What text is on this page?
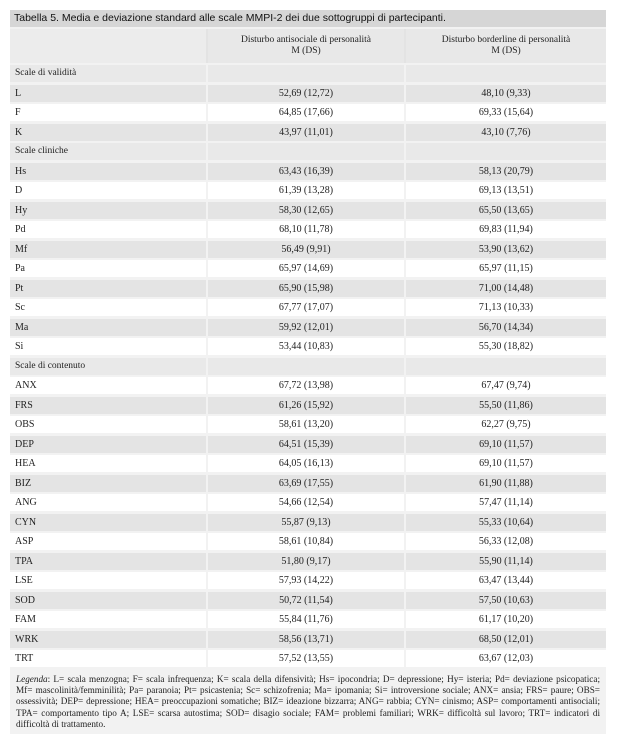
Tabella 5. Media e deviazione standard alle scale MMPI-2 dei due sottogruppi di partecipanti.
Disturbo antisociale di personalità
M (DS)
Disturbo borderline di personalità
M (DS)
Scale di validità
L	52,69 (12,72)	48,10 (9,33)
F	64,85 (17,66)	69,33 (15,64)
K	43,97 (11,01)	43,10 (7,76)
Scale cliniche
Hs	63,43 (16,39)	58,13 (20,79)
D	61,39 (13,28)	69,13 (13,51)
Hy	58,30 (12,65)	65,50 (13,65)
Pd	68,10 (11,78)	69,83 (11,94)
Mf	56,49 (9,91)	53,90 (13,62)
Pa	65,97 (14,69)	65,97 (11,15)
Pt	65,90 (15,98)	71,00 (14,48)
Sc	67,77 (17,07)	71,13 (10,33)
Ma	59,92 (12,01)	56,70 (14,34)
Si	53,44 (10,83)	55,30 (18,82)
Scale di contenuto
ANX	67,72 (13,98)	67,47 (9,74)
FRS	61,26 (15,92)	55,50 (11,86)
OBS	58,61 (13,20)	62,27 (9,75)
DEP	64,51 (15,39)	69,10 (11,57)
HEA	64,05 (16,13)	69,10 (11,57)
BIZ	63,69 (17,55)	61,90 (11,88)
ANG	54,66 (12,54)	57,47 (11,14)
CYN	55,87 (9,13)	55,33 (10,64)
ASP	58,61 (10,84)	56,33 (12,08)
TPA	51,80 (9,17)	55,90 (11,14)
LSE	57,93 (14,22)	63,47 (13,44)
SOD	50,72 (11,54)	57,50 (10,63)
FAM	55,84 (11,76)	61,17 (10,20)
WRK	58,56 (13,71)	68,50 (12,01)
TRT	57,52 (13,55)	63,67 (12,03)
Legenda: L= scala menzogna; F= scala infrequenza; K= scala della difensività; Hs= ipocondria; D= depressione; Hy= isteria; Pd= deviazione psicopatica; Mf= mascolinità/femminilità; Pa= paranoia; Pt= psicastenia; Sc= schizofrenia; Ma= ipomania; Si= introversione sociale; ANX= ansia; FRS= paure; OBS= ossessività; DEP= depressione; HEA= preoccupazioni somatiche; BIZ= ideazione bizzarra; ANG= rabbia; CYN= cinismo; ASP= comportamenti antisociali; TPA= comportamento tipo A; LSE= scarsa autostima; SOD= disagio sociale; FAM= problemi familiari; WRK= difficoltà sul lavoro; TRT= indicatori di difficoltà di trattamento.
